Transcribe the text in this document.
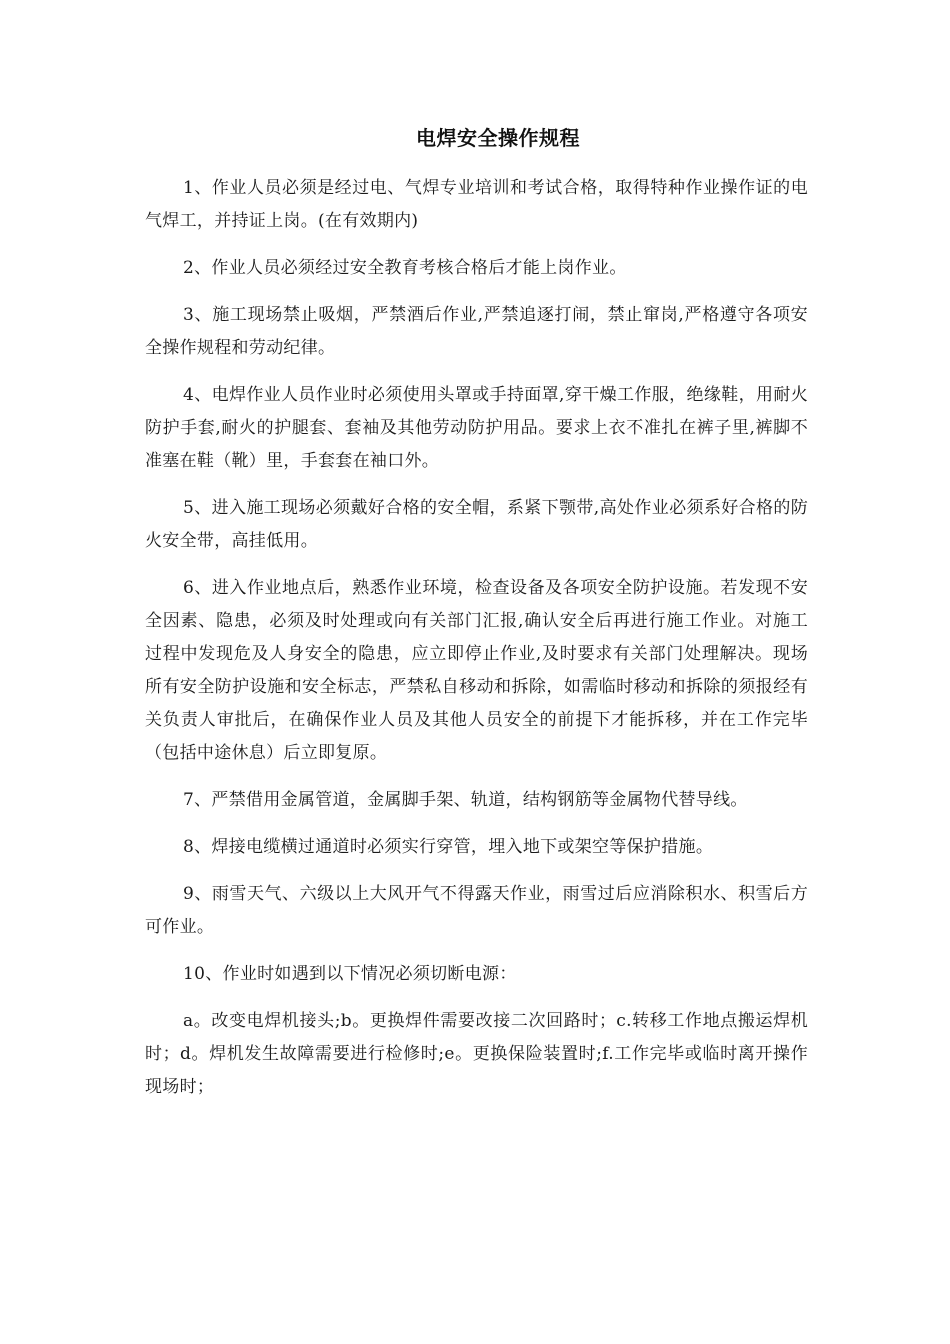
电焊安全操作规程

1、作业人员必须是经过电、气焊专业培训和考试合格，取得特种作业操作证的电气焊工，并持证上岗。(在有效期内)

2、作业人员必须经过安全教育考核合格后才能上岗作业。

3、施工现场禁止吸烟，严禁酒后作业,严禁追逐打闹，禁止窜岗,严格遵守各项安全操作规程和劳动纪律。

4、电焊作业人员作业时必须使用头罩或手持面罩,穿干燥工作服，绝缘鞋，用耐火防护手套,耐火的护腿套、套袖及其他劳动防护用品。要求上衣不准扎在裤子里,裤脚不准塞在鞋（靴）里，手套套在袖口外。

5、进入施工现场必须戴好合格的安全帽，系紧下颚带,高处作业必须系好合格的防火安全带，高挂低用。

6、进入作业地点后，熟悉作业环境，检查设备及各项安全防护设施。若发现不安全因素、隐患，必须及时处理或向有关部门汇报,确认安全后再进行施工作业。对施工过程中发现危及人身安全的隐患，应立即停止作业,及时要求有关部门处理解决。现场所有安全防护设施和安全标志，严禁私自移动和拆除，如需临时移动和拆除的须报经有关负责人审批后，在确保作业人员及其他人员安全的前提下才能拆移，并在工作完毕（包括中途休息）后立即复原。

7、严禁借用金属管道，金属脚手架、轨道，结构钢筋等金属物代替导线。

8、焊接电缆横过通道时必须实行穿管，埋入地下或架空等保护措施。

9、雨雪天气、六级以上大风开气不得露天作业，雨雪过后应消除积水、积雪后方可作业。

10、作业时如遇到以下情况必须切断电源：

a。改变电焊机接头;b。更换焊件需要改接二次回路时；c.转移工作地点搬运焊机时；d。焊机发生故障需要进行检修时;e。更换保险装置时;f.工作完毕或临时离开操作现场时；
